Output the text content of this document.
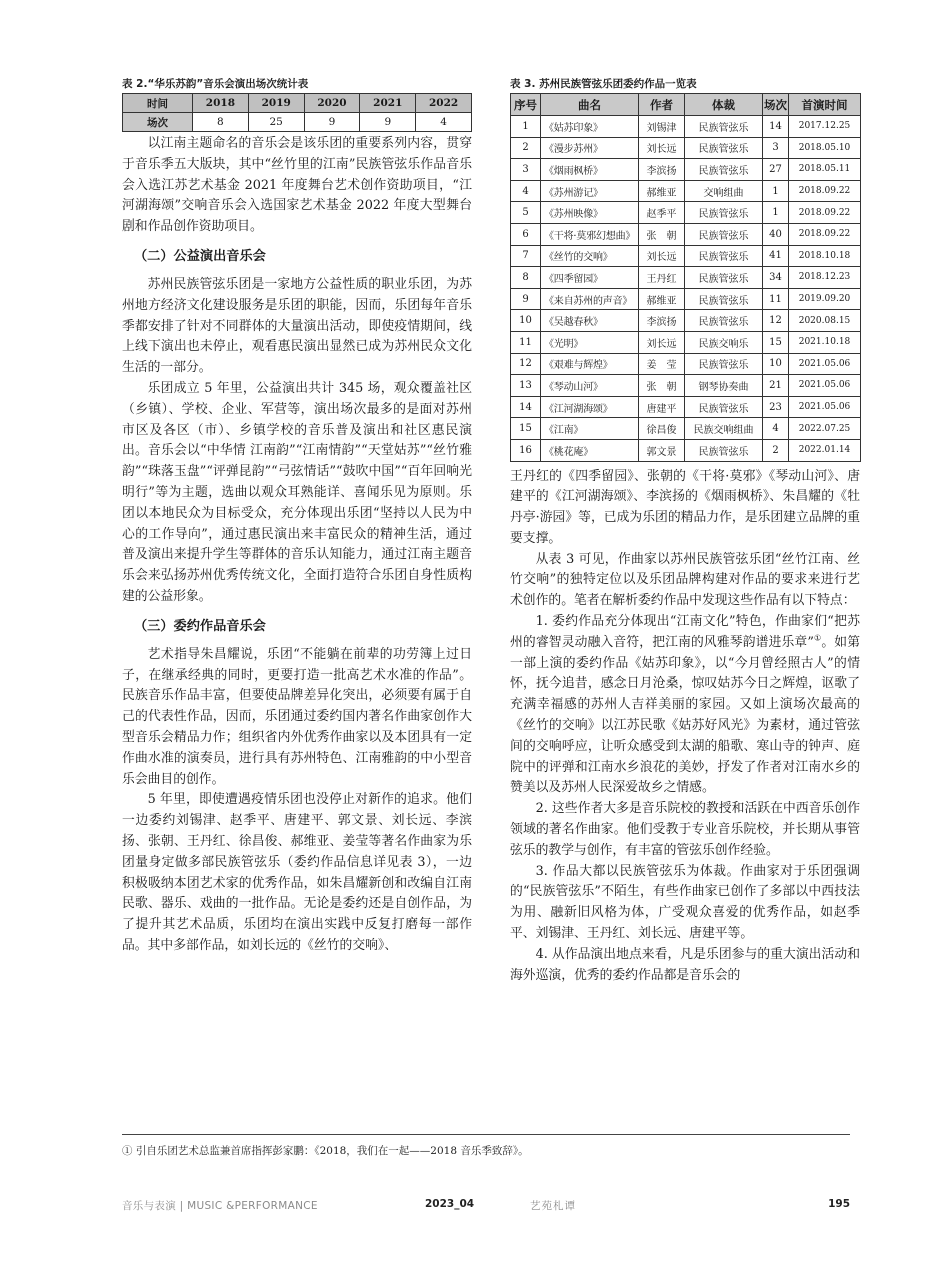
表 2.“华乐苏韵”音乐会演出场次统计表
时间	2018	2019	2020	2021	2022
场次	8	25	9	9	4

以江南主题命名的音乐会是该乐团的重要系列内容，贯穿于音乐季五大版块，其中“丝竹里的江南”民族管弦乐作品音乐会入选江苏艺术基金 2021 年度舞台艺术创作资助项目，“江河湖海颂”交响音乐会入选国家艺术基金 2022 年度大型舞台剧和作品创作资助项目。

（二）公益演出音乐会

苏州民族管弦乐团是一家地方公益性质的职业乐团，为苏州地方经济文化建设服务是乐团的职能，因而，乐团每年音乐季都安排了针对不同群体的大量演出活动，即使疫情期间，线上线下演出也未停止，观看惠民演出显然已成为苏州民众文化生活的一部分。

乐团成立 5 年里，公益演出共计 345 场，观众覆盖社区（乡镇）、学校、企业、军营等，演出场次最多的是面对苏州市区及各区（市）、乡镇学校的音乐普及演出和社区惠民演出。音乐会以“中华情 江南韵”“江南情韵”“天堂姑苏”“丝竹雅韵”“珠落玉盘”“评弹昆韵”“弓弦情话”“鼓吹中国”“百年回响光明行”等为主题，选曲以观众耳熟能详、喜闻乐见为原则。乐团以本地民众为目标受众，充分体现出乐团“坚持以人民为中心的工作导向”，通过惠民演出来丰富民众的精神生活，通过普及演出来提升学生等群体的音乐认知能力，通过江南主题音乐会来弘扬苏州优秀传统文化，全面打造符合乐团自身性质构建的公益形象。

（三）委约作品音乐会

艺术指导朱昌耀说，乐团“不能躺在前辈的功劳簿上过日子，在继承经典的同时，更要打造一批高艺术水准的作品”。民族音乐作品丰富，但要使品牌差异化突出，必须要有属于自己的代表性作品，因而，乐团通过委约国内著名作曲家创作大型音乐会精品力作；组织省内外优秀作曲家以及本团具有一定作曲水准的演奏员，进行具有苏州特色、江南雅韵的中小型音乐会曲目的创作。

5 年里，即使遭遇疫情乐团也没停止对新作的追求。他们一边委约刘锡津、赵季平、唐建平、郭文景、刘长远、李滨扬、张朝、王丹红、徐昌俊、郝维亚、姜莹等著名作曲家为乐团量身定做多部民族管弦乐（委约作品信息详见表 3），一边积极吸纳本团艺术家的优秀作品，如朱昌耀新创和改编自江南民歌、器乐、戏曲的一批作品。无论是委约还是自创作品，为了提升其艺术品质，乐团均在演出实践中反复打磨每一部作品。其中多部作品，如刘长远的《丝竹的交响》、

表 3. 苏州民族管弦乐团委约作品一览表
序号	曲名	作者	体裁	场次	首演时间
1	《姑苏印象》	刘锡津	民族管弦乐	14	2017.12.25
2	《漫步苏州》	刘长远	民族管弦乐	3	2018.05.10
3	《烟雨枫桥》	李滨扬	民族管弦乐	27	2018.05.11
4	《苏州游记》	郝维亚	交响组曲	1	2018.09.22
5	《苏州映像》	赵季平	民族管弦乐	1	2018.09.22
6	《干将·莫邪幻想曲》	张　朝	民族管弦乐	40	2018.09.22
7	《丝竹的交响》	刘长远	民族管弦乐	41	2018.10.18
8	《四季留园》	王丹红	民族管弦乐	34	2018.12.23
9	《来自苏州的声音》	郝维亚	民族管弦乐	11	2019.09.20
10	《吴越春秋》	李滨扬	民族管弦乐	12	2020.08.15
11	《光明》	刘长远	民族交响乐	15	2021.10.18
12	《艰难与辉煌》	姜　莹	民族管弦乐	10	2021.05.06
13	《琴动山河》	张　朝	钢琴协奏曲	21	2021.05.06
14	《江河湖海颂》	唐建平	民族管弦乐	23	2021.05.06
15	《江南》	徐昌俊	民族交响组曲	4	2022.07.25
16	《桃花庵》	郭文景	民族管弦乐	2	2022.01.14

王丹红的《四季留园》、张朝的《干将·莫邪》《琴动山河》、唐建平的《江河湖海颂》、李滨扬的《烟雨枫桥》、朱昌耀的《牡丹亭·游园》等，已成为乐团的精品力作，是乐团建立品牌的重要支撑。

从表 3 可见，作曲家以苏州民族管弦乐团“丝竹江南、丝竹交响”的独特定位以及乐团品牌构建对作品的要求来进行艺术创作的。笔者在解析委约作品中发现这些作品有以下特点：

1. 委约作品充分体现出“江南文化”特色，作曲家们“把苏州的睿智灵动融入音符，把江南的风雅琴韵谱进乐章”①。如第一部上演的委约作品《姑苏印象》，以“今月曾经照古人”的情怀，抚今追昔，感念日月沧桑，惊叹姑苏今日之辉煌，讴歌了充满幸福感的苏州人吉祥美丽的家园。又如上演场次最高的《丝竹的交响》以江苏民歌《姑苏好风光》为素材，通过管弦间的交响呼应，让听众感受到太湖的船歌、寒山寺的钟声、庭院中的评弹和江南水乡浪花的美妙，抒发了作者对江南水乡的赞美以及苏州人民深爱故乡之情感。

2. 这些作者大多是音乐院校的教授和活跃在中西音乐创作领域的著名作曲家。他们受教于专业音乐院校，并长期从事管弦乐的教学与创作，有丰富的管弦乐创作经验。

3. 作品大都以民族管弦乐为体裁。作曲家对于乐团强调的“民族管弦乐”不陌生，有些作曲家已创作了多部以中西技法为用、融新旧风格为体，广受观众喜爱的优秀作品，如赵季平、刘锡津、王丹红、刘长远、唐建平等。

4. 从作品演出地点来看，凡是乐团参与的重大演出活动和海外巡演，优秀的委约作品都是音乐会的

① 引自乐团艺术总监兼首席指挥彭家鹏：《2018，我们在一起——2018 音乐季致辞》。
音乐与表演 | MUSIC &PERFORMANCE	2023_04	艺苑札谭	195
